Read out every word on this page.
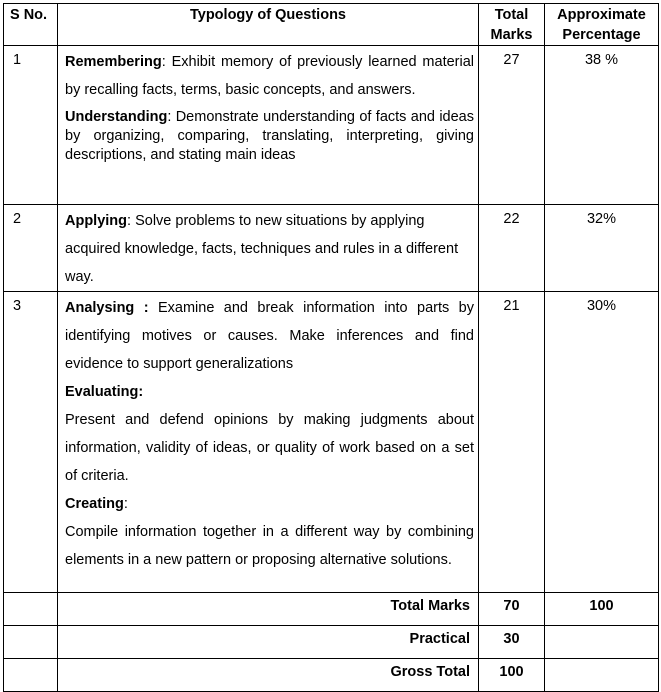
S No.	Typology of Questions	Total Marks	Approximate Percentage
1	Remembering: Exhibit memory of previously learned material by recalling facts, terms, basic concepts, and answers.

Understanding: Demonstrate understanding of facts and ideas by organizing, comparing, translating, interpreting, giving descriptions, and stating main ideas	27	38 %
2	Applying: Solve problems to new situations by applying acquired knowledge, facts, techniques and rules in a different way.	22	32%
3	Analysing : Examine and break information into parts by identifying motives or causes. Make inferences and find evidence to support generalizations

Evaluating:

Present and defend opinions by making judgments about information, validity of ideas, or quality of work based on a set of criteria.

Creating:

Compile information together in a different way by combining elements in a new pattern or proposing alternative solutions.	21	30%
	Total Marks	70	100
	Practical	30	
	Gross Total	100	
